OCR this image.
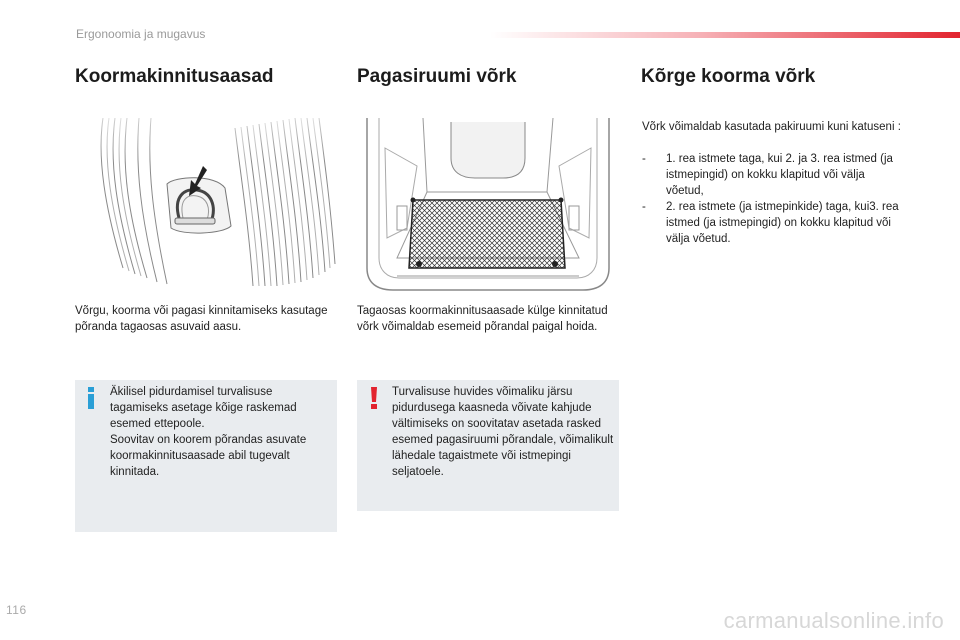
Ergonoomia ja mugavus
Koormakinnitusaasad
Võrgu, koorma või pagasi kinnitamiseks kasutage põranda tagaosas asuvaid aasu.
Äkilisel pidurdamisel turvalisuse tagamiseks asetage kõige raskemad esemed ettepoole.
Soovitav on koorem põrandas asuvate koormakinnitusaasade abil tugevalt kinnitada.
Pagasiruumi võrk
Tagaosas koormakinnitusaasade külge kinnitatud võrk võimaldab esemeid põrandal paigal hoida.
Turvalisuse huvides võimaliku järsu pidurdusega kaasneda võivate kahjude vältimiseks on soovitatav asetada rasked esemed pagasiruumi põrandale, võimalikult lähedale tagaistmete või istmepingi seljatoele.
Kõrge koorma võrk
Võrk võimaldab kasutada pakiruumi kuni katuseni :
- 1. rea istmete taga, kui 2. ja 3. rea istmed (ja istmepingid) on kokku klapitud või välja võetud,
- 2. rea istmete (ja istmepinkide) taga, kui3. rea istmed (ja istmepingid) on kokku klapitud või välja võetud.
116	carmanualsonline.info
